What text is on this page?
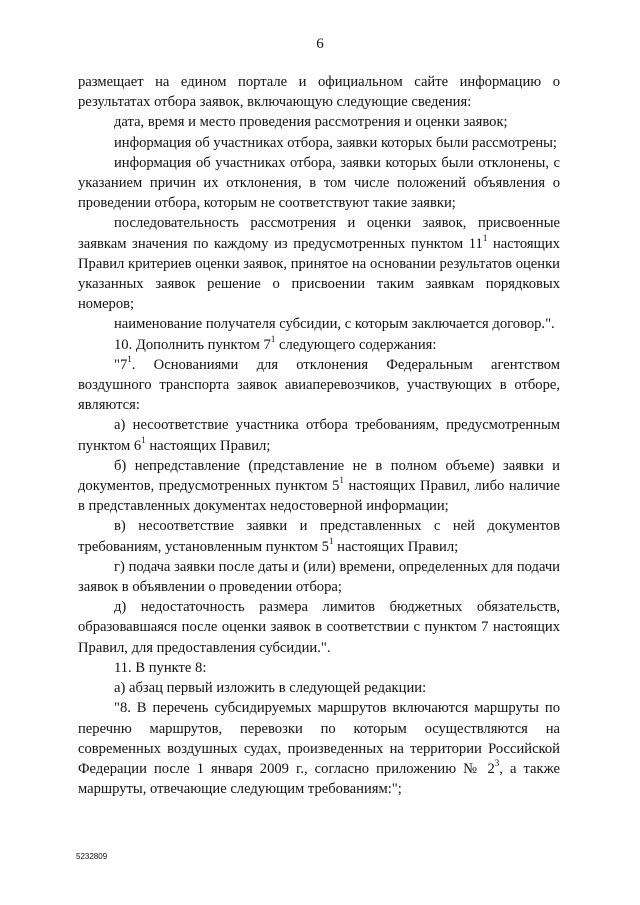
6

размещает на едином портале и официальном сайте информацию о результатах отбора заявок, включающую следующие сведения:

дата, время и место проведения рассмотрения и оценки заявок;

информация об участниках отбора, заявки которых были рассмотрены;

информация об участниках отбора, заявки которых были отклонены, с указанием причин их отклонения, в том числе положений объявления о проведении отбора, которым не соответствуют такие заявки;

последовательность рассмотрения и оценки заявок, присвоенные заявкам значения по каждому из предусмотренных пунктом $11^1$ настоящих Правил критериев оценки заявок, принятое на основании результатов оценки указанных заявок решение о присвоении таким заявкам порядковых номеров;

наименование получателя субсидии, с которым заключается договор.".

10. Дополнить пунктом $7^1$ следующего содержания:

"$7^1$. Основаниями для отклонения Федеральным агентством воздушного транспорта заявок авиаперевозчиков, участвующих в отборе, являются:

а) несоответствие участника отбора требованиям, предусмотренным пунктом $6^1$ настоящих Правил;

б) непредставление (представление не в полном объеме) заявки и документов, предусмотренных пунктом $5^1$ настоящих Правил, либо наличие в представленных документах недостоверной информации;

в) несоответствие заявки и представленных с ней документов требованиям, установленным пунктом $5^1$ настоящих Правил;

г) подача заявки после даты и (или) времени, определенных для подачи заявок в объявлении о проведении отбора;

д) недостаточность размера лимитов бюджетных обязательств, образовавшаяся после оценки заявок в соответствии с пунктом 7 настоящих Правил, для предоставления субсидии.".

11. В пункте 8:

а) абзац первый изложить в следующей редакции:

"8. В перечень субсидируемых маршрутов включаются маршруты по перечню маршрутов, перевозки по которым осуществляются на современных воздушных судах, произведенных на территории Российской Федерации после 1 января 2009 г., согласно приложению № $2^3$, а также маршруты, отвечающие следующим требованиям:";

5232809
